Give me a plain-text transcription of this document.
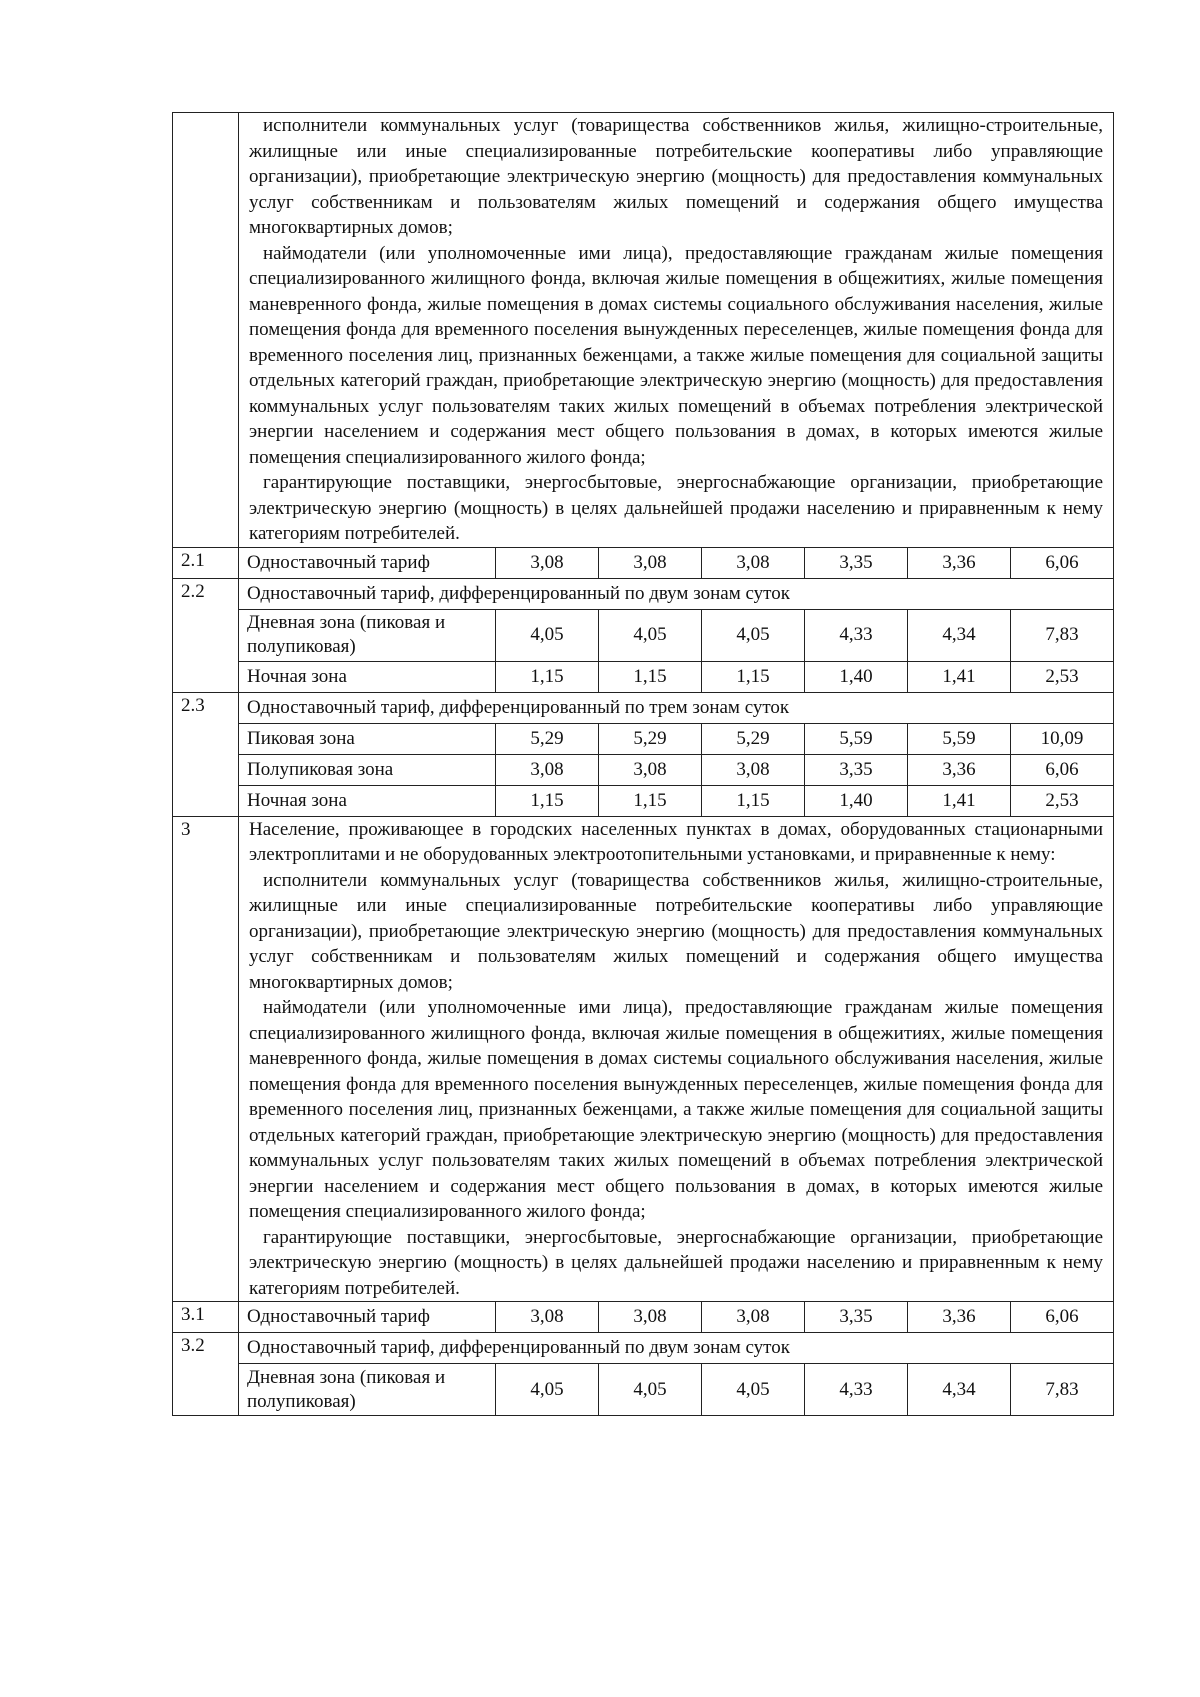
	исполнители коммунальных услуг (товарищества собственников жилья, жилищно-строительные, жилищные или иные специализированные потребительские кооперативы либо управляющие организации), приобретающие электрическую энергию (мощность) для предоставления коммунальных услуг собственникам и пользователям жилых помещений и содержания общего имущества многоквартирных домов;

наймодатели (или уполномоченные ими лица), предоставляющие гражданам жилые помещения специализированного жилищного фонда, включая жилые помещения в общежитиях, жилые помещения маневренного фонда, жилые помещения в домах системы социального обслуживания населения, жилые помещения фонда для временного поселения вынужденных переселенцев, жилые помещения фонда для временного поселения лиц, признанных беженцами, а также жилые помещения для социальной защиты отдельных категорий граждан, приобретающие электрическую энергию (мощность) для предоставления коммунальных услуг пользователям таких жилых помещений в объемах потребления электрической энергии населением и содержания мест общего пользования в домах, в которых имеются жилые помещения специализированного жилого фонда;

гарантирующие поставщики, энергосбытовые, энергоснабжающие организации, приобретающие электрическую энергию (мощность) в целях дальнейшей продажи населению и приравненным к нему категориям потребителей.						

2.1	Одноставочный тариф	3,08	3,08	3,08	3,35	3,36	6,06
2.2	Одноставочный тариф, дифференцированный по двум зонам суток						
	Дневная зона (пиковая и полупиковая)	4,05	4,05	4,05	4,33	4,34	7,83
	Ночная зона	1,15	1,15	1,15	1,40	1,41	2,53
2.3	Одноставочный тариф, дифференцированный по трем зонам суток						
	Пиковая зона	5,29	5,29	5,29	5,59	5,59	10,09
	Полупиковая зона	3,08	3,08	3,08	3,35	3,36	6,06
	Ночная зона	1,15	1,15	1,15	1,40	1,41	2,53
3	Население, проживающее в городских населенных пунктах в домах, оборудованных стационарными электроплитами и не оборудованных электроотопительными установками, и приравненные к нему:

исполнители коммунальных услуг (товарищества собственников жилья, жилищно-строительные, жилищные или иные специализированные потребительские кооперативы либо управляющие организации), приобретающие электрическую энергию (мощность) для предоставления коммунальных услуг собственникам и пользователям жилых помещений и содержания общего имущества многоквартирных домов;

наймодатели (или уполномоченные ими лица), предоставляющие гражданам жилые помещения специализированного жилищного фонда, включая жилые помещения в общежитиях, жилые помещения маневренного фонда, жилые помещения в домах системы социального обслуживания населения, жилые помещения фонда для временного поселения вынужденных переселенцев, жилые помещения фонда для временного поселения лиц, признанных беженцами, а также жилые помещения для социальной защиты отдельных категорий граждан, приобретающие электрическую энергию (мощность) для предоставления коммунальных услуг пользователям таких жилых помещений в объемах потребления электрической энергии населением и содержания мест общего пользования в домах, в которых имеются жилые помещения специализированного жилого фонда;

гарантирующие поставщики, энергосбытовые, энергоснабжающие организации, приобретающие электрическую энергию (мощность) в целях дальнейшей продажи населению и приравненным к нему категориям потребителей.						

3.1	Одноставочный тариф	3,08	3,08	3,08	3,35	3,36	6,06
3.2	Одноставочный тариф, дифференцированный по двум зонам суток						
	Дневная зона (пиковая и полупиковая)	4,05	4,05	4,05	4,33	4,34	7,83
